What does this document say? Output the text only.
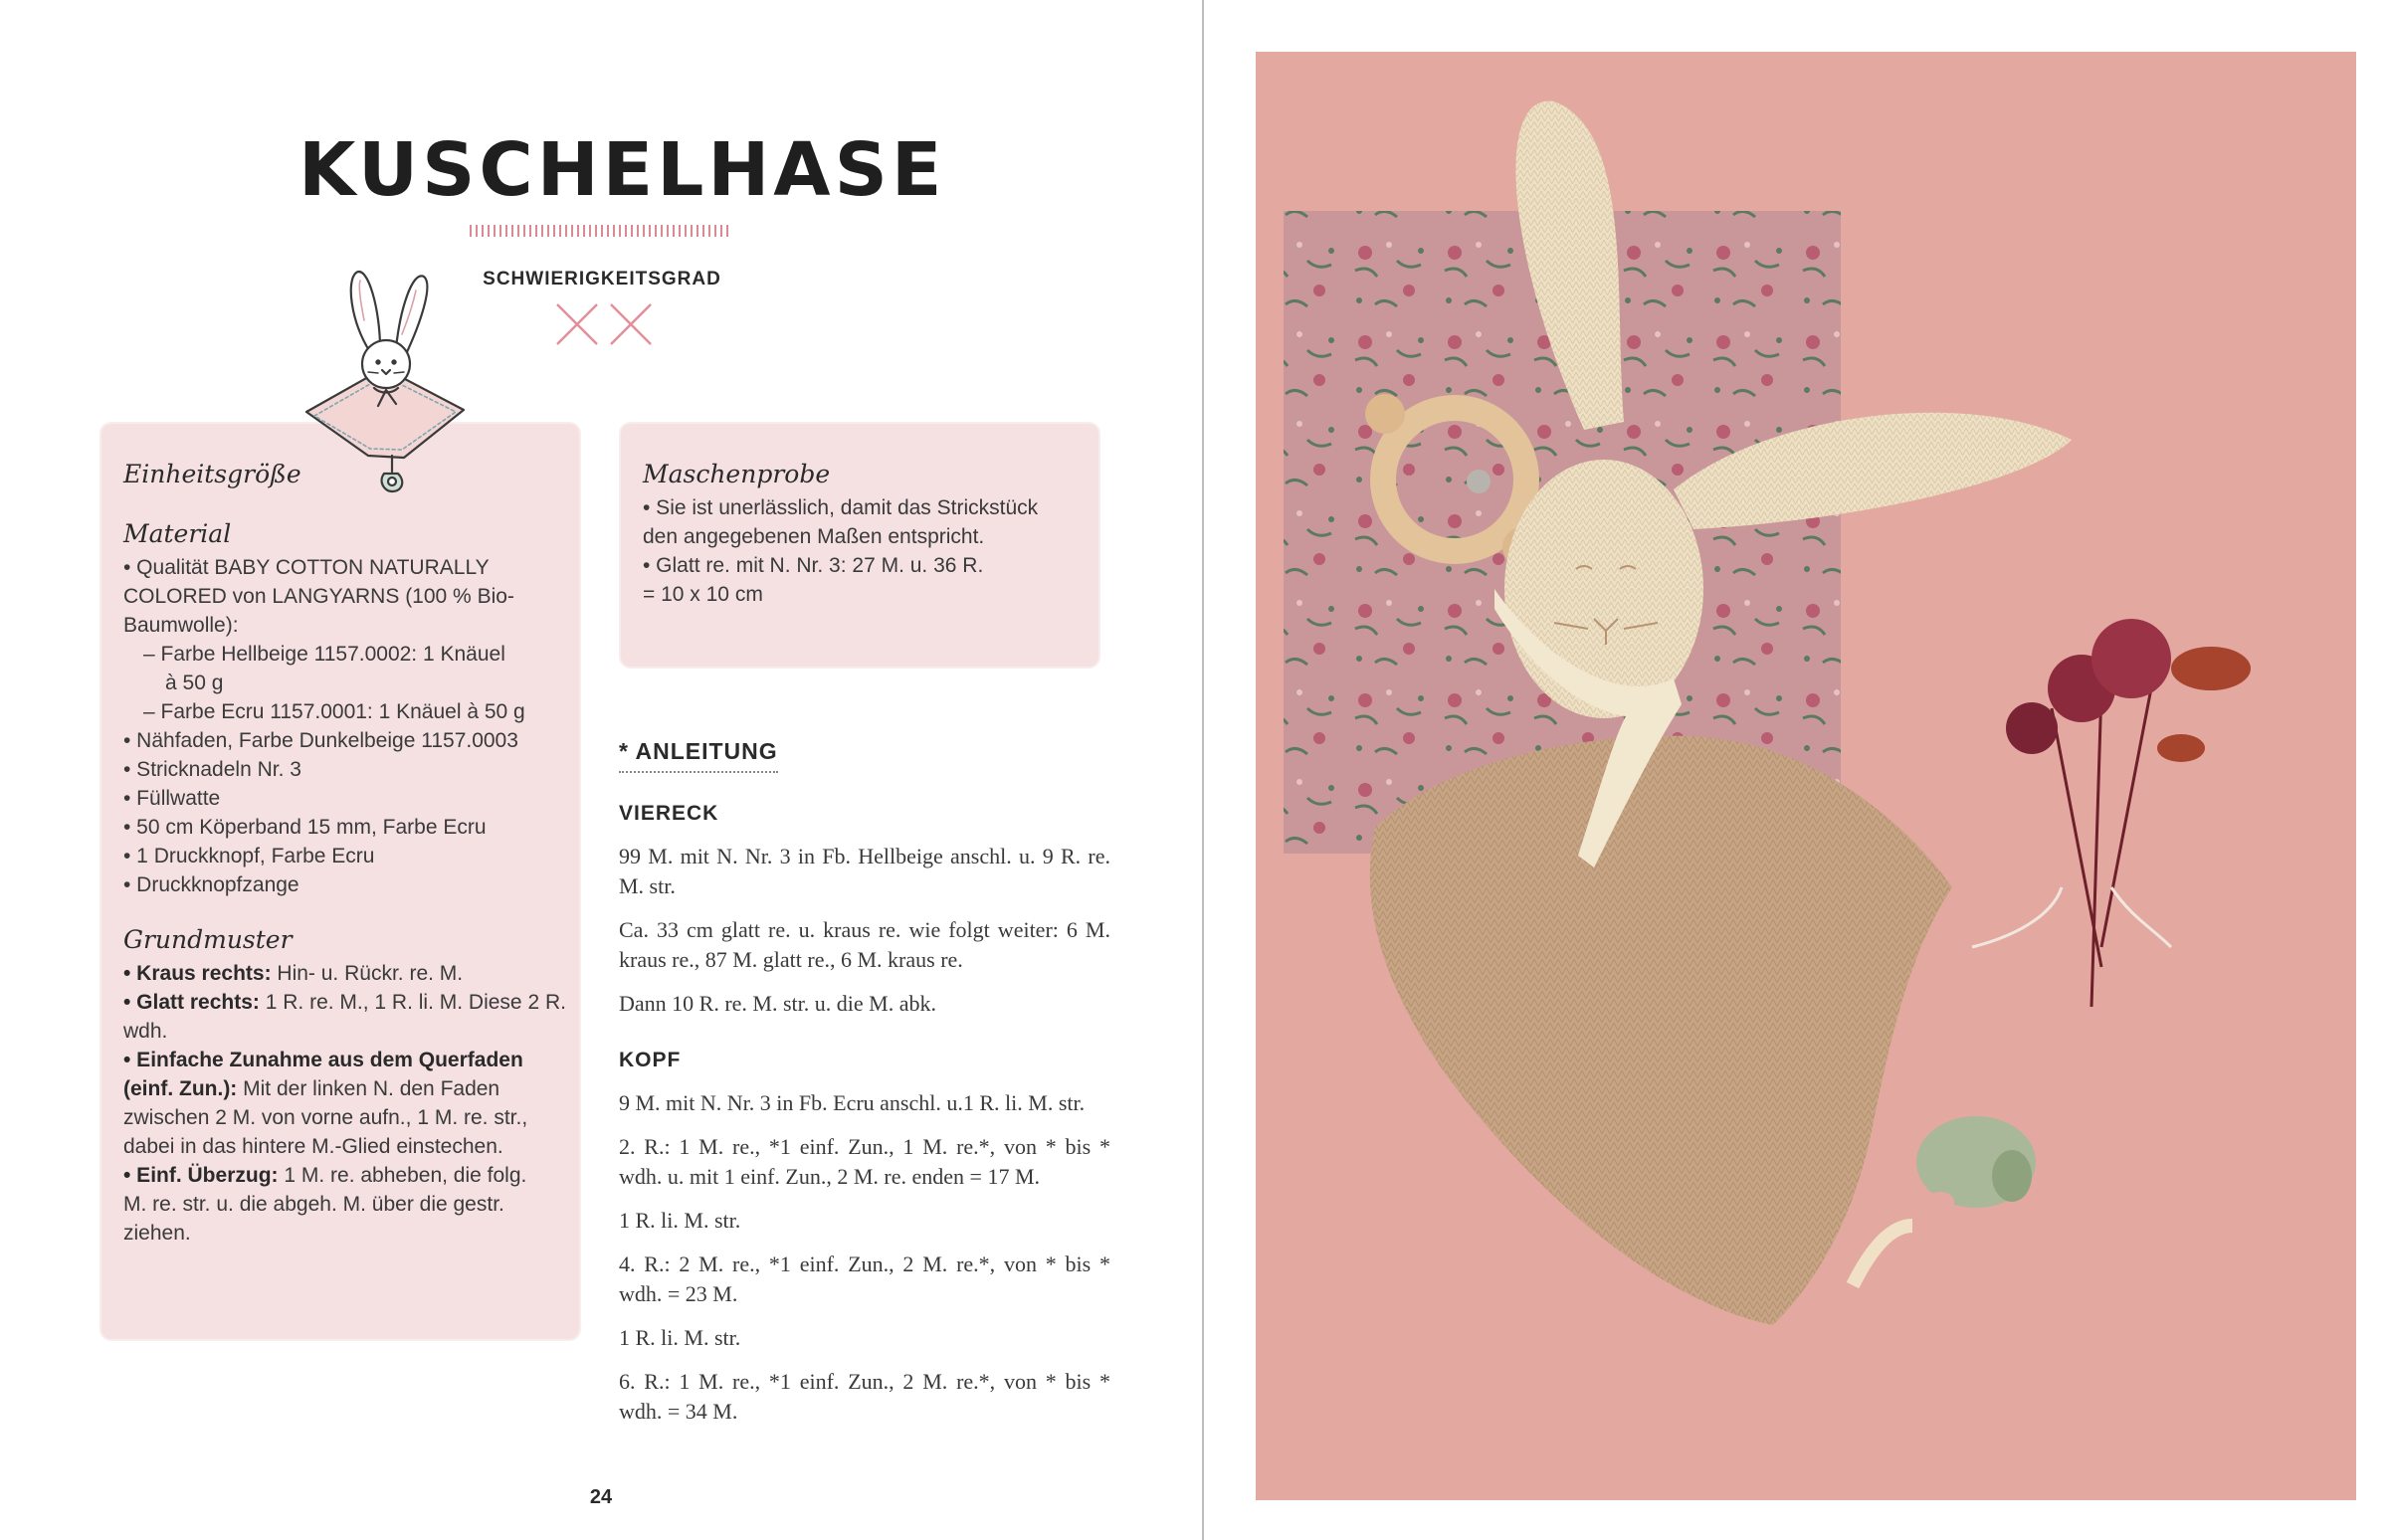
KUSCHELHASE
SCHWIERIGKEITSGRAD
Einheitsgröße
Material
• Qualität BABY COTTON NATURALLY
COLORED von LANGYARNS (100 % Bio-
Baumwolle):
– Farbe Hellbeige 1157.0002: 1 Knäuel
à 50 g
– Farbe Ecru 1157.0001: 1 Knäuel à 50 g
• Nähfaden, Farbe Dunkelbeige 1157.0003
• Stricknadeln Nr. 3
• Füllwatte
• 50 cm Köperband 15 mm, Farbe Ecru
• 1 Druckknopf, Farbe Ecru
• Druckknopfzange
Grundmuster
• Kraus rechts: Hin- u. Rückr. re. M.
• Glatt rechts: 1 R. re. M., 1 R. li. M. Diese 2 R.
wdh.
• Einfache Zunahme aus dem Querfaden
(einf. Zun.): Mit der linken N. den Faden
zwischen 2 M. von vorne aufn., 1 M. re. str.,
dabei in das hintere M.-Glied einstechen.
• Einf. Überzug: 1 M. re. abheben, die folg.
M. re. str. u. die abgeh. M. über die gestr.
ziehen.
Maschenprobe
• Sie ist unerlässlich, damit das Strickstück
den angegebenen Maßen entspricht.
• Glatt re. mit N. Nr. 3: 27 M. u. 36 R.
= 10 x 10 cm
* ANLEITUNG
VIERECK

99 M. mit N. Nr. 3 in Fb. Hellbeige anschl. u. 9 R. re. M. str.

Ca. 33 cm glatt re. u. kraus re. wie folgt weiter: 6 M. kraus re., 87 M. glatt re., 6 M. kraus re.

Dann 10 R. re. M. str. u. die M. abk.

KOPF

9 M. mit N. Nr. 3 in Fb. Ecru anschl. u.1 R. li. M. str.

2. R.: 1 M. re., *1 einf. Zun., 1 M. re.*, von * bis * wdh. u. mit 1 einf. Zun., 2 M. re. enden = 17 M.

1 R. li. M. str.

4. R.: 2 M. re., *1 einf. Zun., 2 M. re.*, von * bis * wdh. = 23 M.

1 R. li. M. str.

6. R.: 1 M. re., *1 einf. Zun., 2 M. re.*, von * bis * wdh. = 34 M.

24
